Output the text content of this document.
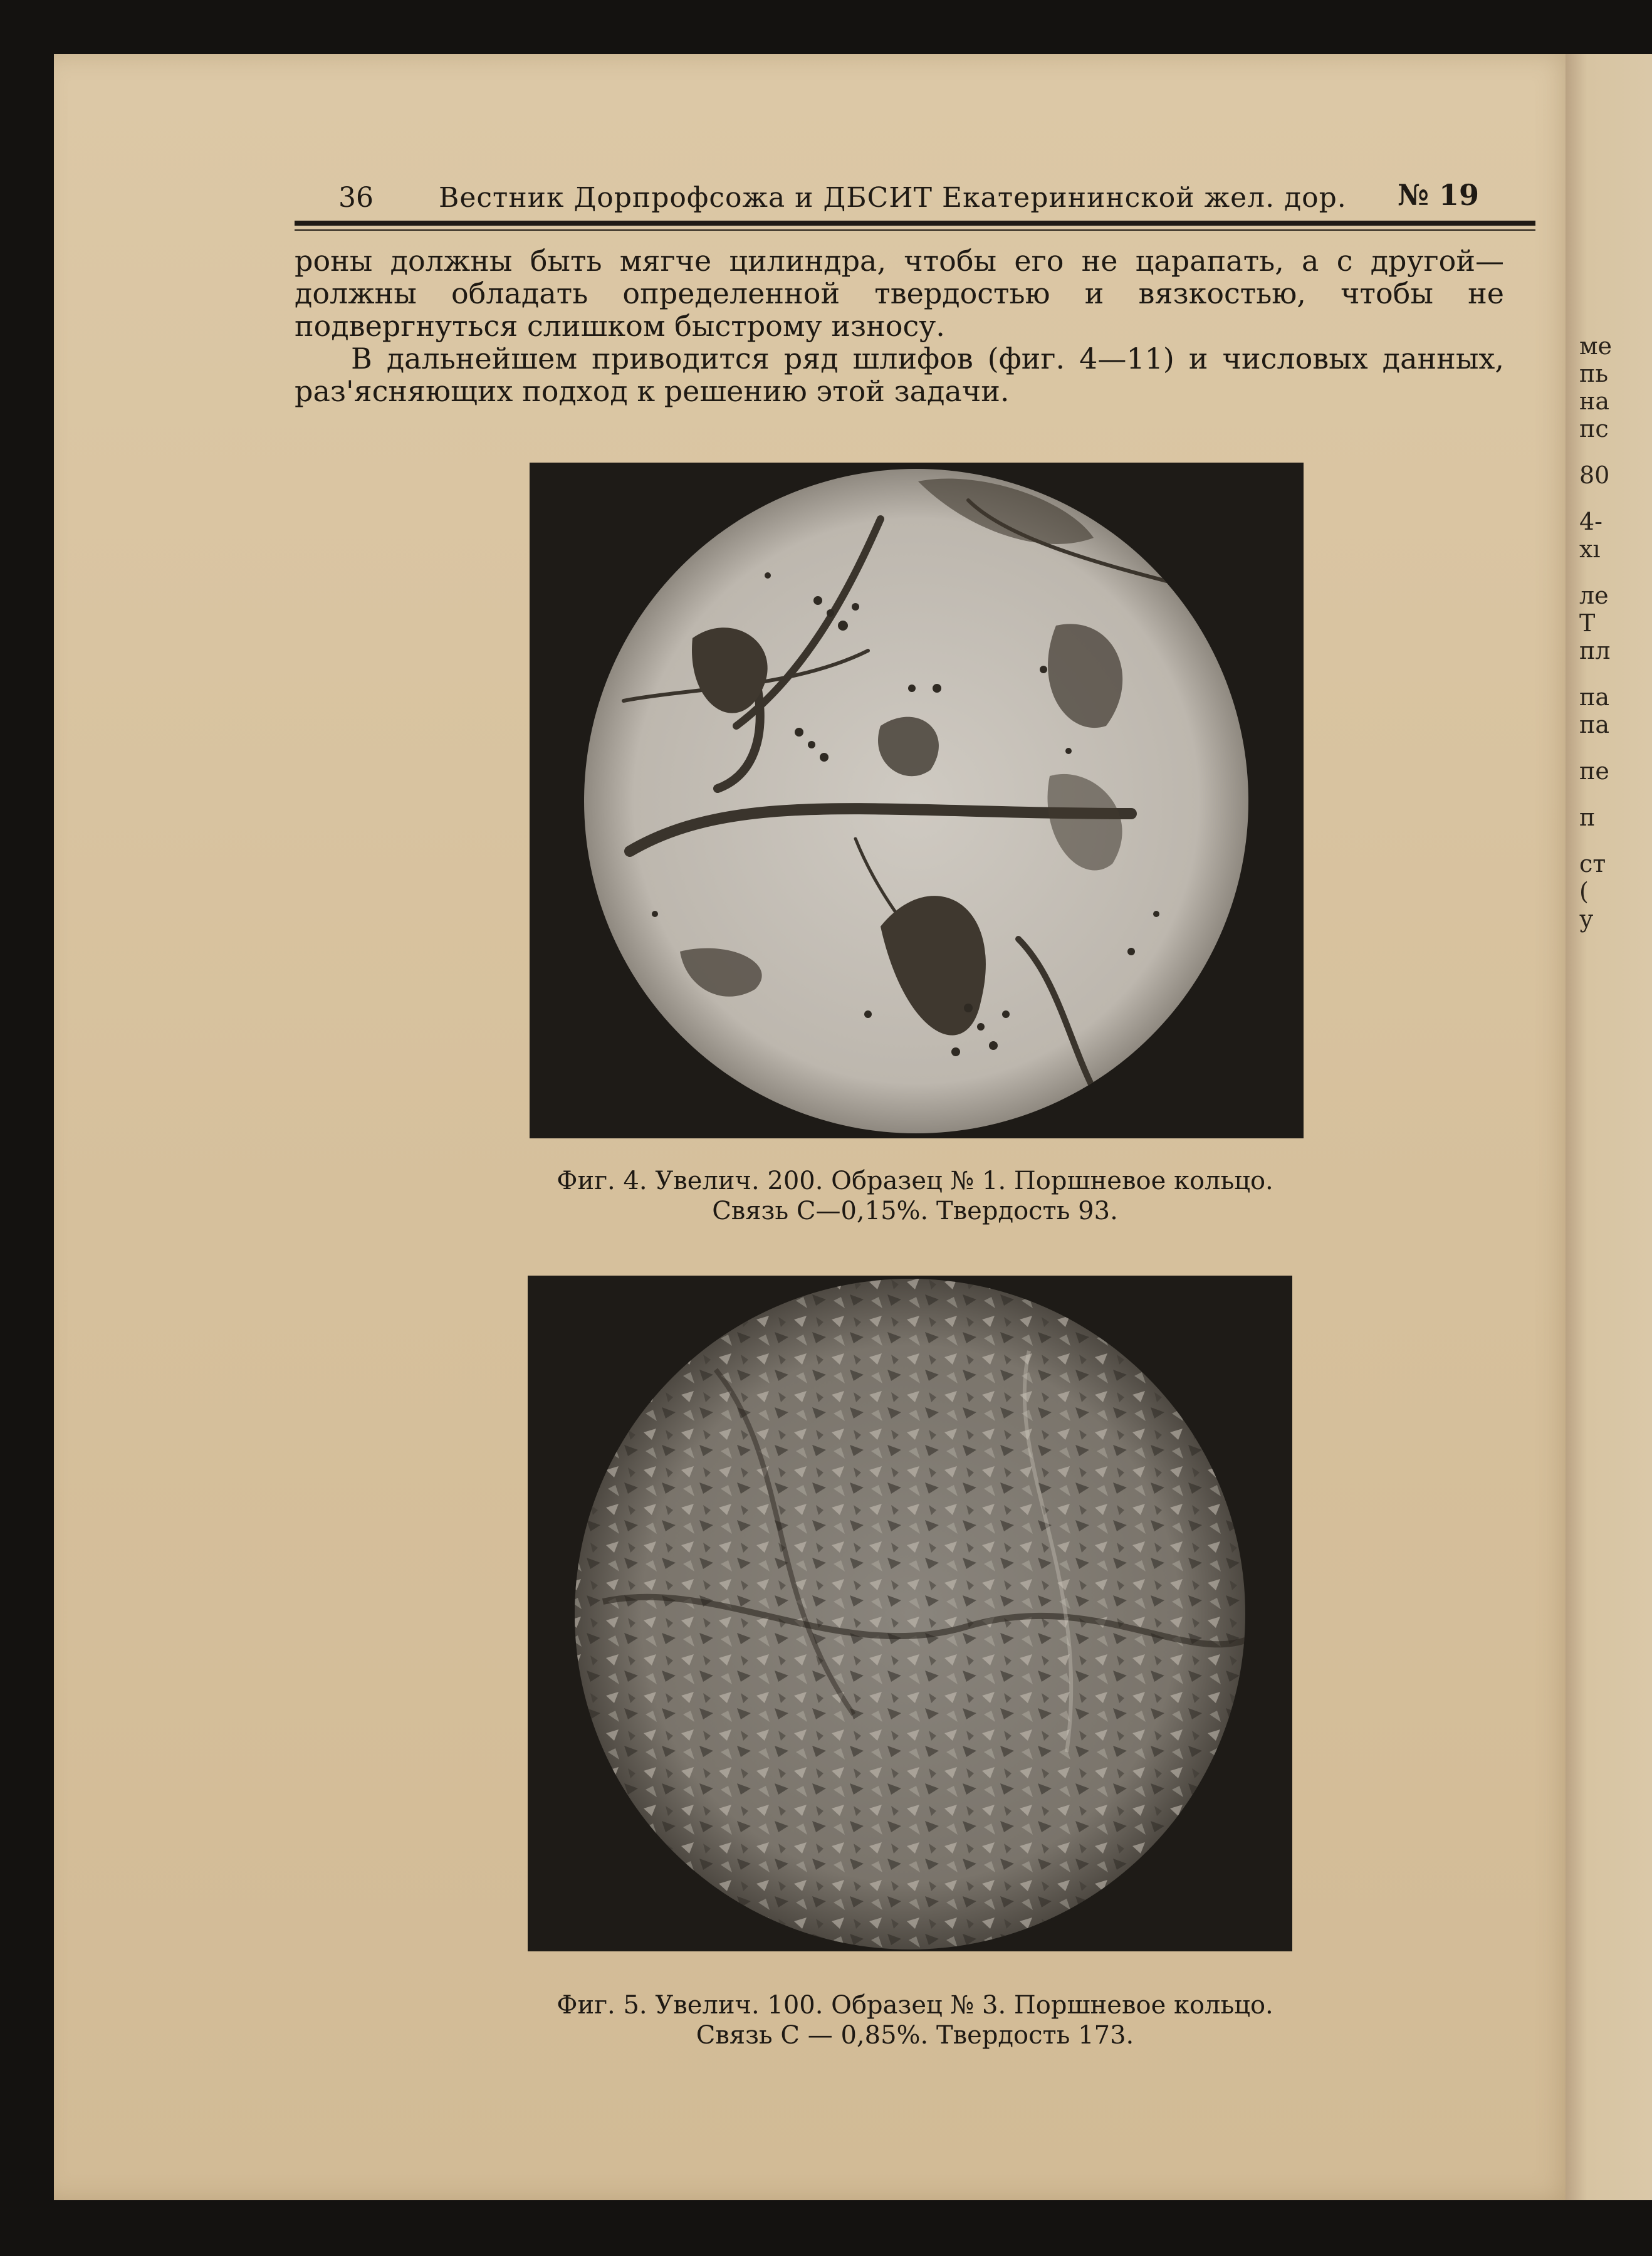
36 Вестник Дорпрофсожа и ДБСИТ Екатерининской жел. дор. № 19

роны должны быть мягче цилиндра, чтобы его не царапать, а с другой—должны обладать определенной твердостью и вязкостью, чтобы не подвергнуться слишком быстрому износу.

В дальнейшем приводится ряд шлифов (фиг. 4—11) и числовых данных, раз'ясняющих подход к решению этой задачи.

Фиг. 4. Увелич. 200. Образец № 1. Поршневое кольцо.
Связь С—0,15%. Твердость 93.
Фиг. 5. Увелич. 100. Образец № 3. Поршневое кольцо.
Связь С — 0,85%. Твердость 173.
ме
пь
на
пс
80
4-
хı
ле
Т
пл
па
па
пе
п
ст
(
у
